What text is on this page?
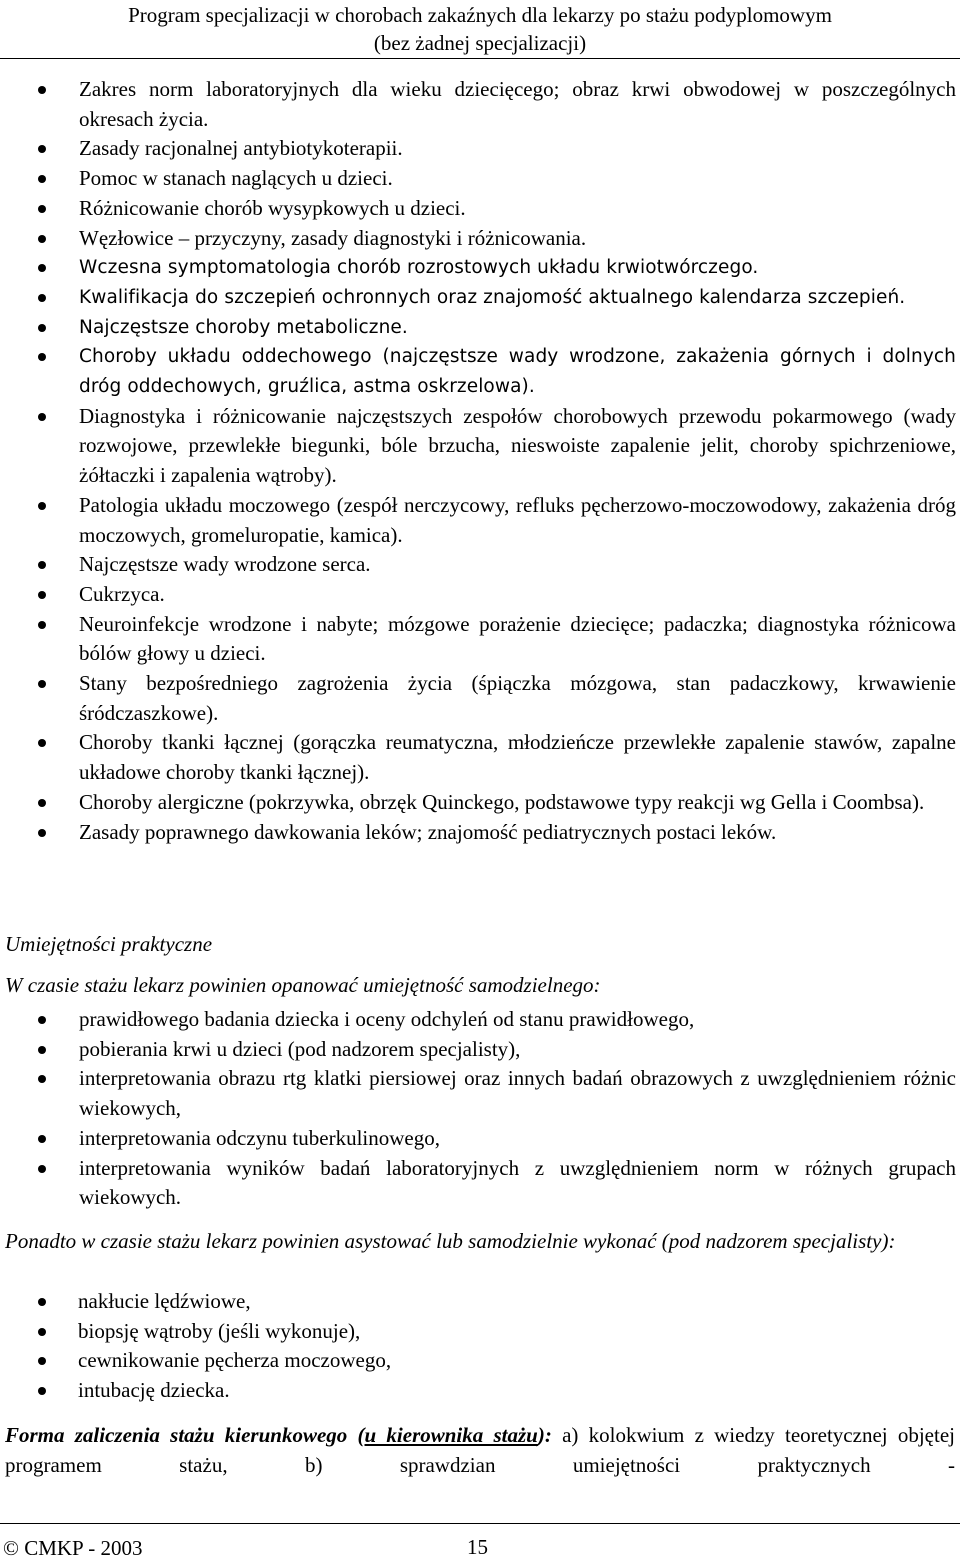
Program specjalizacji w chorobach zakaźnych dla lekarzy po stażu podyplomowym
(bez żadnej specjalizacji)
Zakres norm laboratoryjnych dla wieku dziecięcego; obraz krwi obwodowej w poszczególnych okresach życia.
Zasady racjonalnej antybiotykoterapii.
Pomoc w stanach naglących u dzieci.
Różnicowanie chorób wysypkowych u dzieci.
Węzłowice – przyczyny, zasady diagnostyki i różnicowania.
Wczesna symptomatologia chorób rozrostowych układu krwiotwórczego.
Kwalifikacja do szczepień ochronnych oraz znajomość aktualnego kalendarza szczepień.
Najczęstsze choroby metaboliczne.
Choroby układu oddechowego (najczęstsze wady wrodzone, zakażenia górnych i dolnych dróg oddechowych, gruźlica, astma oskrzelowa).
Diagnostyka i różnicowanie najczęstszych zespołów chorobowych przewodu pokarmowego (wady rozwojowe, przewlekłe biegunki, bóle brzucha, nieswoiste zapalenie jelit, choroby spichrzeniowe, żółtaczki i zapalenia wątroby).
Patologia układu moczowego (zespół nerczycowy, refluks pęcherzowo-moczowodowy, zakażenia dróg moczowych, gromeluropatie, kamica).
Najczęstsze wady wrodzone serca.
Cukrzyca.
Neuroinfekcje wrodzone i nabyte; mózgowe porażenie dziecięce; padaczka; diagnostyka różnicowa bólów głowy u dzieci.
Stany bezpośredniego zagrożenia życia (śpiączka mózgowa, stan padaczkowy, krwawienie śródczaszkowe).
Choroby tkanki łącznej (gorączka reumatyczna, młodzieńcze przewlekłe zapalenie stawów, zapalne układowe choroby tkanki łącznej).
Choroby alergiczne (pokrzywka, obrzęk Quinckego, podstawowe typy reakcji wg Gella i Coombsa).
Zasady poprawnego dawkowania leków; znajomość pediatrycznych postaci leków.
Umiejętności praktyczne
W czasie stażu lekarz powinien opanować umiejętność samodzielnego:
prawidłowego badania dziecka i oceny odchyleń od stanu prawidłowego,
pobierania krwi u dzieci (pod nadzorem specjalisty),
interpretowania obrazu rtg klatki piersiowej oraz innych badań obrazowych z uwzględnieniem różnic wiekowych,
interpretowania odczynu tuberkulinowego,
interpretowania wyników badań laboratoryjnych z uwzględnieniem norm w różnych grupach wiekowych.
Ponadto w czasie stażu lekarz powinien asystować lub samodzielnie wykonać (pod nadzorem specjalisty):
nakłucie lędźwiowe,
biopsję wątroby (jeśli wykonuje),
cewnikowanie pęcherza moczowego,
intubację dziecka.
Forma zaliczenia stażu kierunkowego (u kierownika stażu): a) kolokwium z wiedzy teoretycznej objętej programem stażu, b) sprawdzian umiejętności praktycznych -
© CMKP - 2003	15
